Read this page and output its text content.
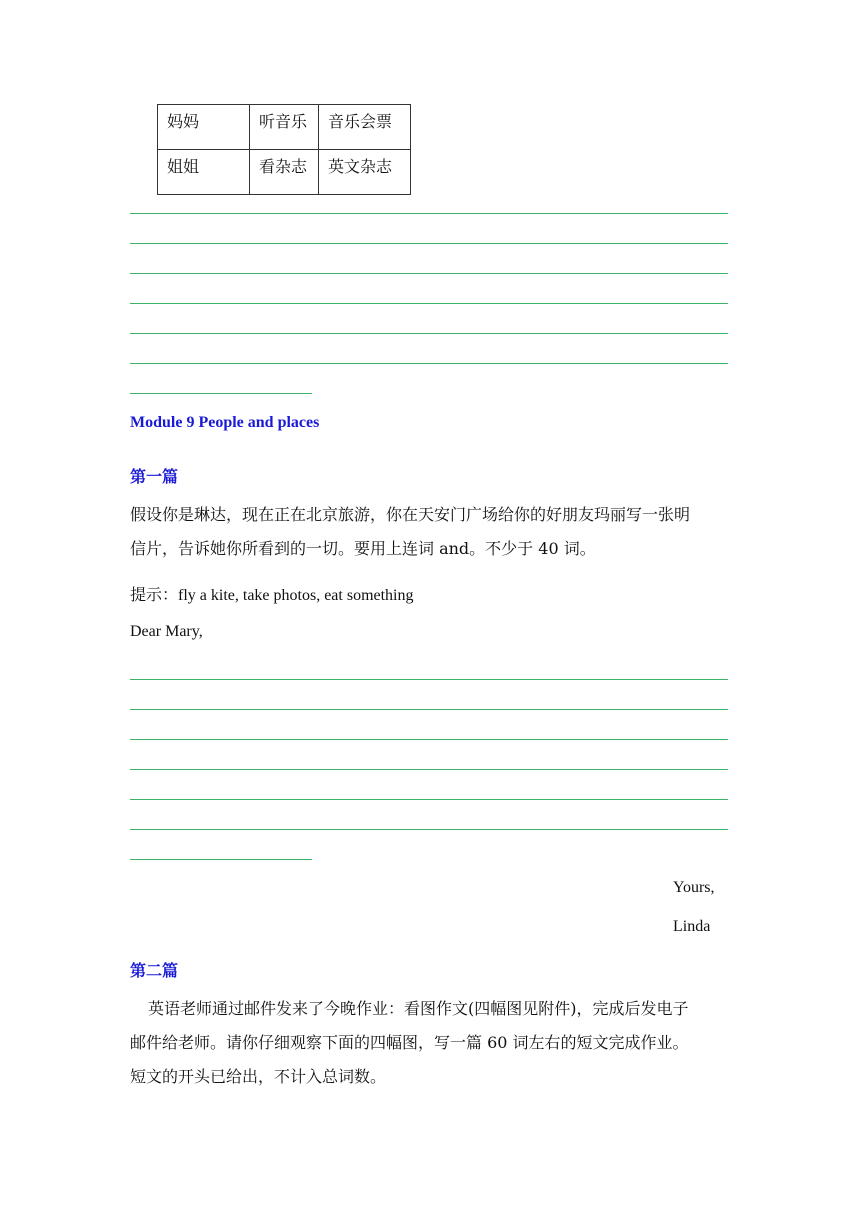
妈妈	听音乐	音乐会票
姐姐	看杂志	英文杂志
Module 9 People and places
第一篇
假设你是琳达，现在正在北京旅游，你在天安门广场给你的好朋友玛丽写一张明
信片，告诉她你所看到的一切。要用上连词 and。不少于 40 词。
提示：fly a kite, take photos, eat something
Dear Mary,
Yours,
Linda
第二篇
英语老师通过邮件发来了今晚作业：看图作文(四幅图见附件)，完成后发电子
邮件给老师。请你仔细观察下面的四幅图，写一篇 60 词左右的短文完成作业。
短文的开头已给出，不计入总词数。
